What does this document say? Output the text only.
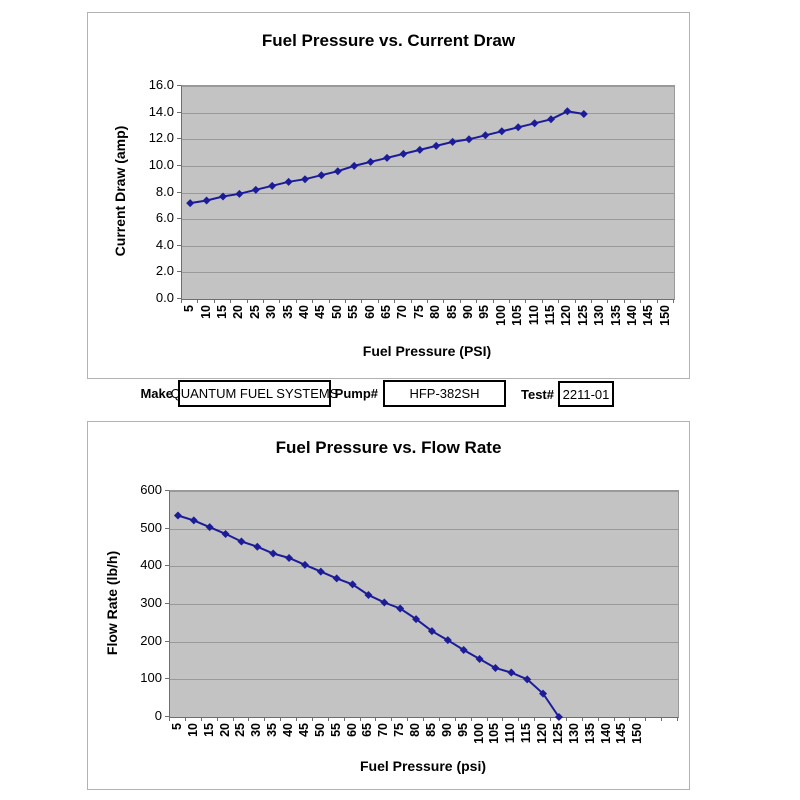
Fuel Pressure vs. Current Draw
Current Draw (amp)
Fuel Pressure (PSI)
0.0
2.0
4.0
6.0
8.0
10.0
12.0
14.0
16.0
5 10 15 20 25 30 35 40 45 50 55 60 65 70 75 80 85 90 95 100 105 110 115 120 125 130 135 140 145 150
Make
QUANTUM FUEL SYSTEMS
Pump#	HFP-382SH	Test# 2211-01
Fuel Pressure vs. Flow Rate
Flow Rate (lb/h)
Fuel Pressure (psi)
0
100
200
300
400
500
600
5 10 15 20 25 30 35 40 45 50 55 60 65 70 75 80 85 90 95 100 105 110 115 120 125 130 135 140 145 150
